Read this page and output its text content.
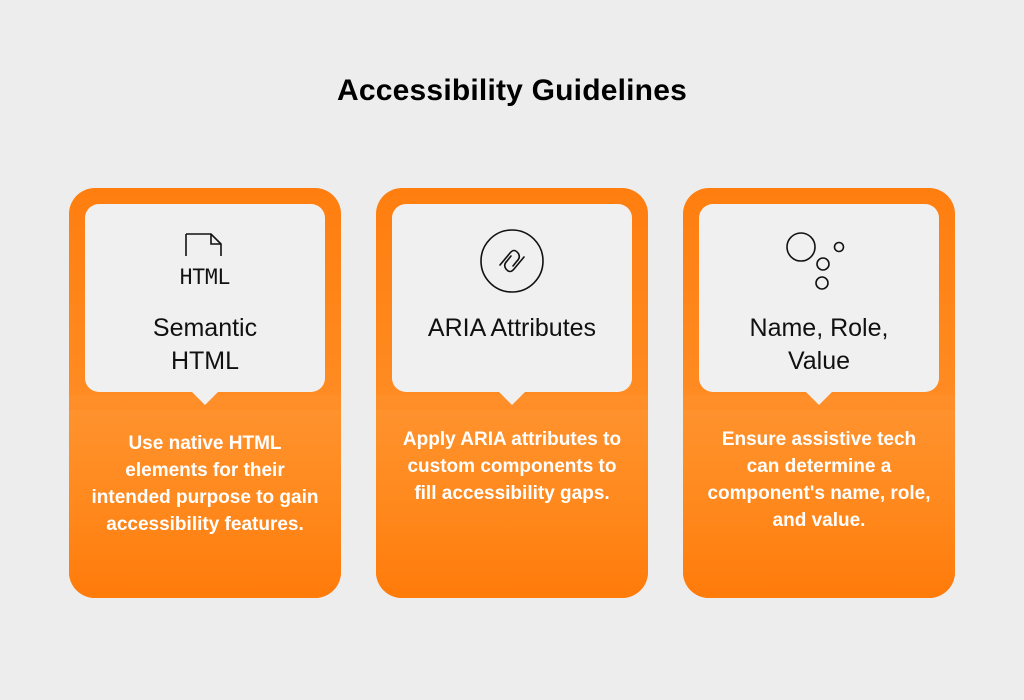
Accessibility Guidelines
HTML
Semantic HTML
Use native HTML elements for their intended purpose to gain accessibility features.
ARIA Attributes
Apply ARIA attributes to custom components to fill accessibility gaps.
Name, Role, Value
Ensure assistive tech can determine a component's name, role, and value.
